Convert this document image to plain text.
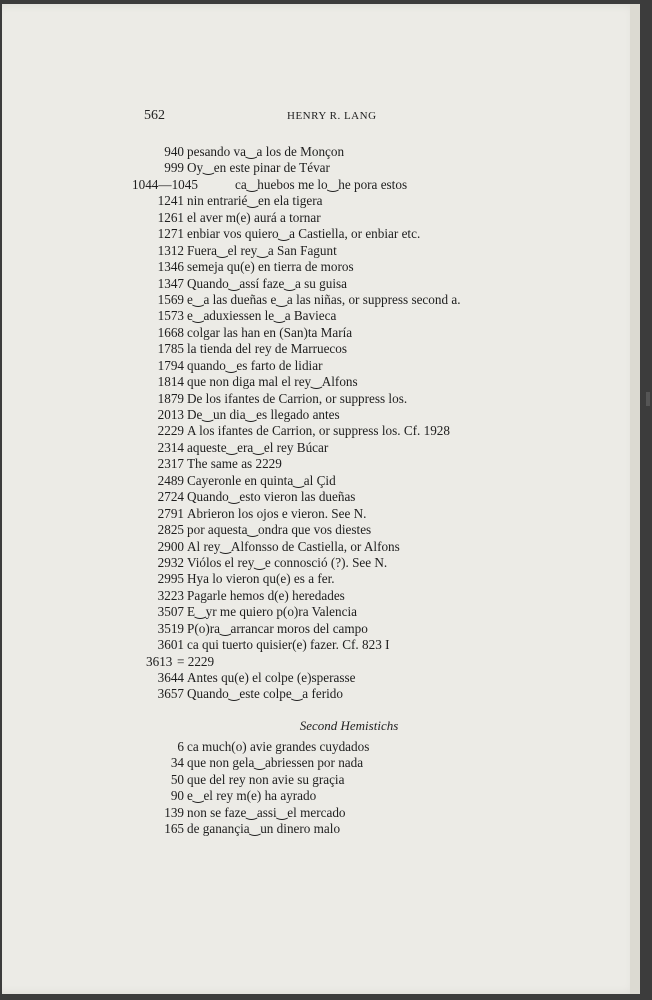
562	HENRY R. LANG
940 pesando va‿a los de Monçon
999 Oy‿en este pinar de Tévar
1044—1045	ca‿huebos me lo‿he pora estos
1241 nin entrarié‿en ela tigera
1261 el aver m(e) aurá a tornar
1271 enbiar vos quiero‿a Castiella, or enbiar etc.
1312 Fuera‿el rey‿a San Fagunt
1346 semeja qu(e) en tierra de moros
1347 Quando‿assí faze‿a su guisa
1569 e‿a las dueñas e‿a las niñas, or suppress second a.
1573 e‿aduxiessen le‿a Bavieca
1668 colgar las han en (San)ta María
1785 la tienda del rey de Marruecos
1794 quando‿es farto de lidiar
1814 que non diga mal el rey‿Alfons
1879 De los ifantes de Carrion, or suppress los.
2013 De‿un dia‿es llegado antes
2229 A los ifantes de Carrion, or suppress los. Cf. 1928
2314 aqueste‿era‿el rey Búcar
2317 The same as 2229
2489 Cayeronle en quinta‿al Çid
2724 Quando‿esto vieron las dueñas
2791 Abrieron los ojos e vieron. See N.
2825 por aquesta‿ondra que vos diestes
2900 Al rey‿Alfonsso de Castiella, or Alfons
2932 Viólos el rey‿e connosció (?). See N.
2995 Hya lo vieron qu(e) es a fer.
3223 Pagarle hemos d(e) heredades
3507 E‿yr me quiero p(o)ra Valencia
3519 P(o)ra‿arrancar moros del campo
3601 ca qui tuerto quisier(e) fazer. Cf. 823 I
3613 = 2229
3644 Antes qu(e) el colpe (e)sperasse
3657 Quando‿este colpe‿a ferido
Second Hemistichs
6 ca much(o) avie grandes cuydados
34 que non gela‿abriessen por nada
50 que del rey non avie su graçia
90 e‿el rey m(e) ha ayrado
139 non se faze‿assi‿el mercado
165 de ganançia‿un dinero malo
